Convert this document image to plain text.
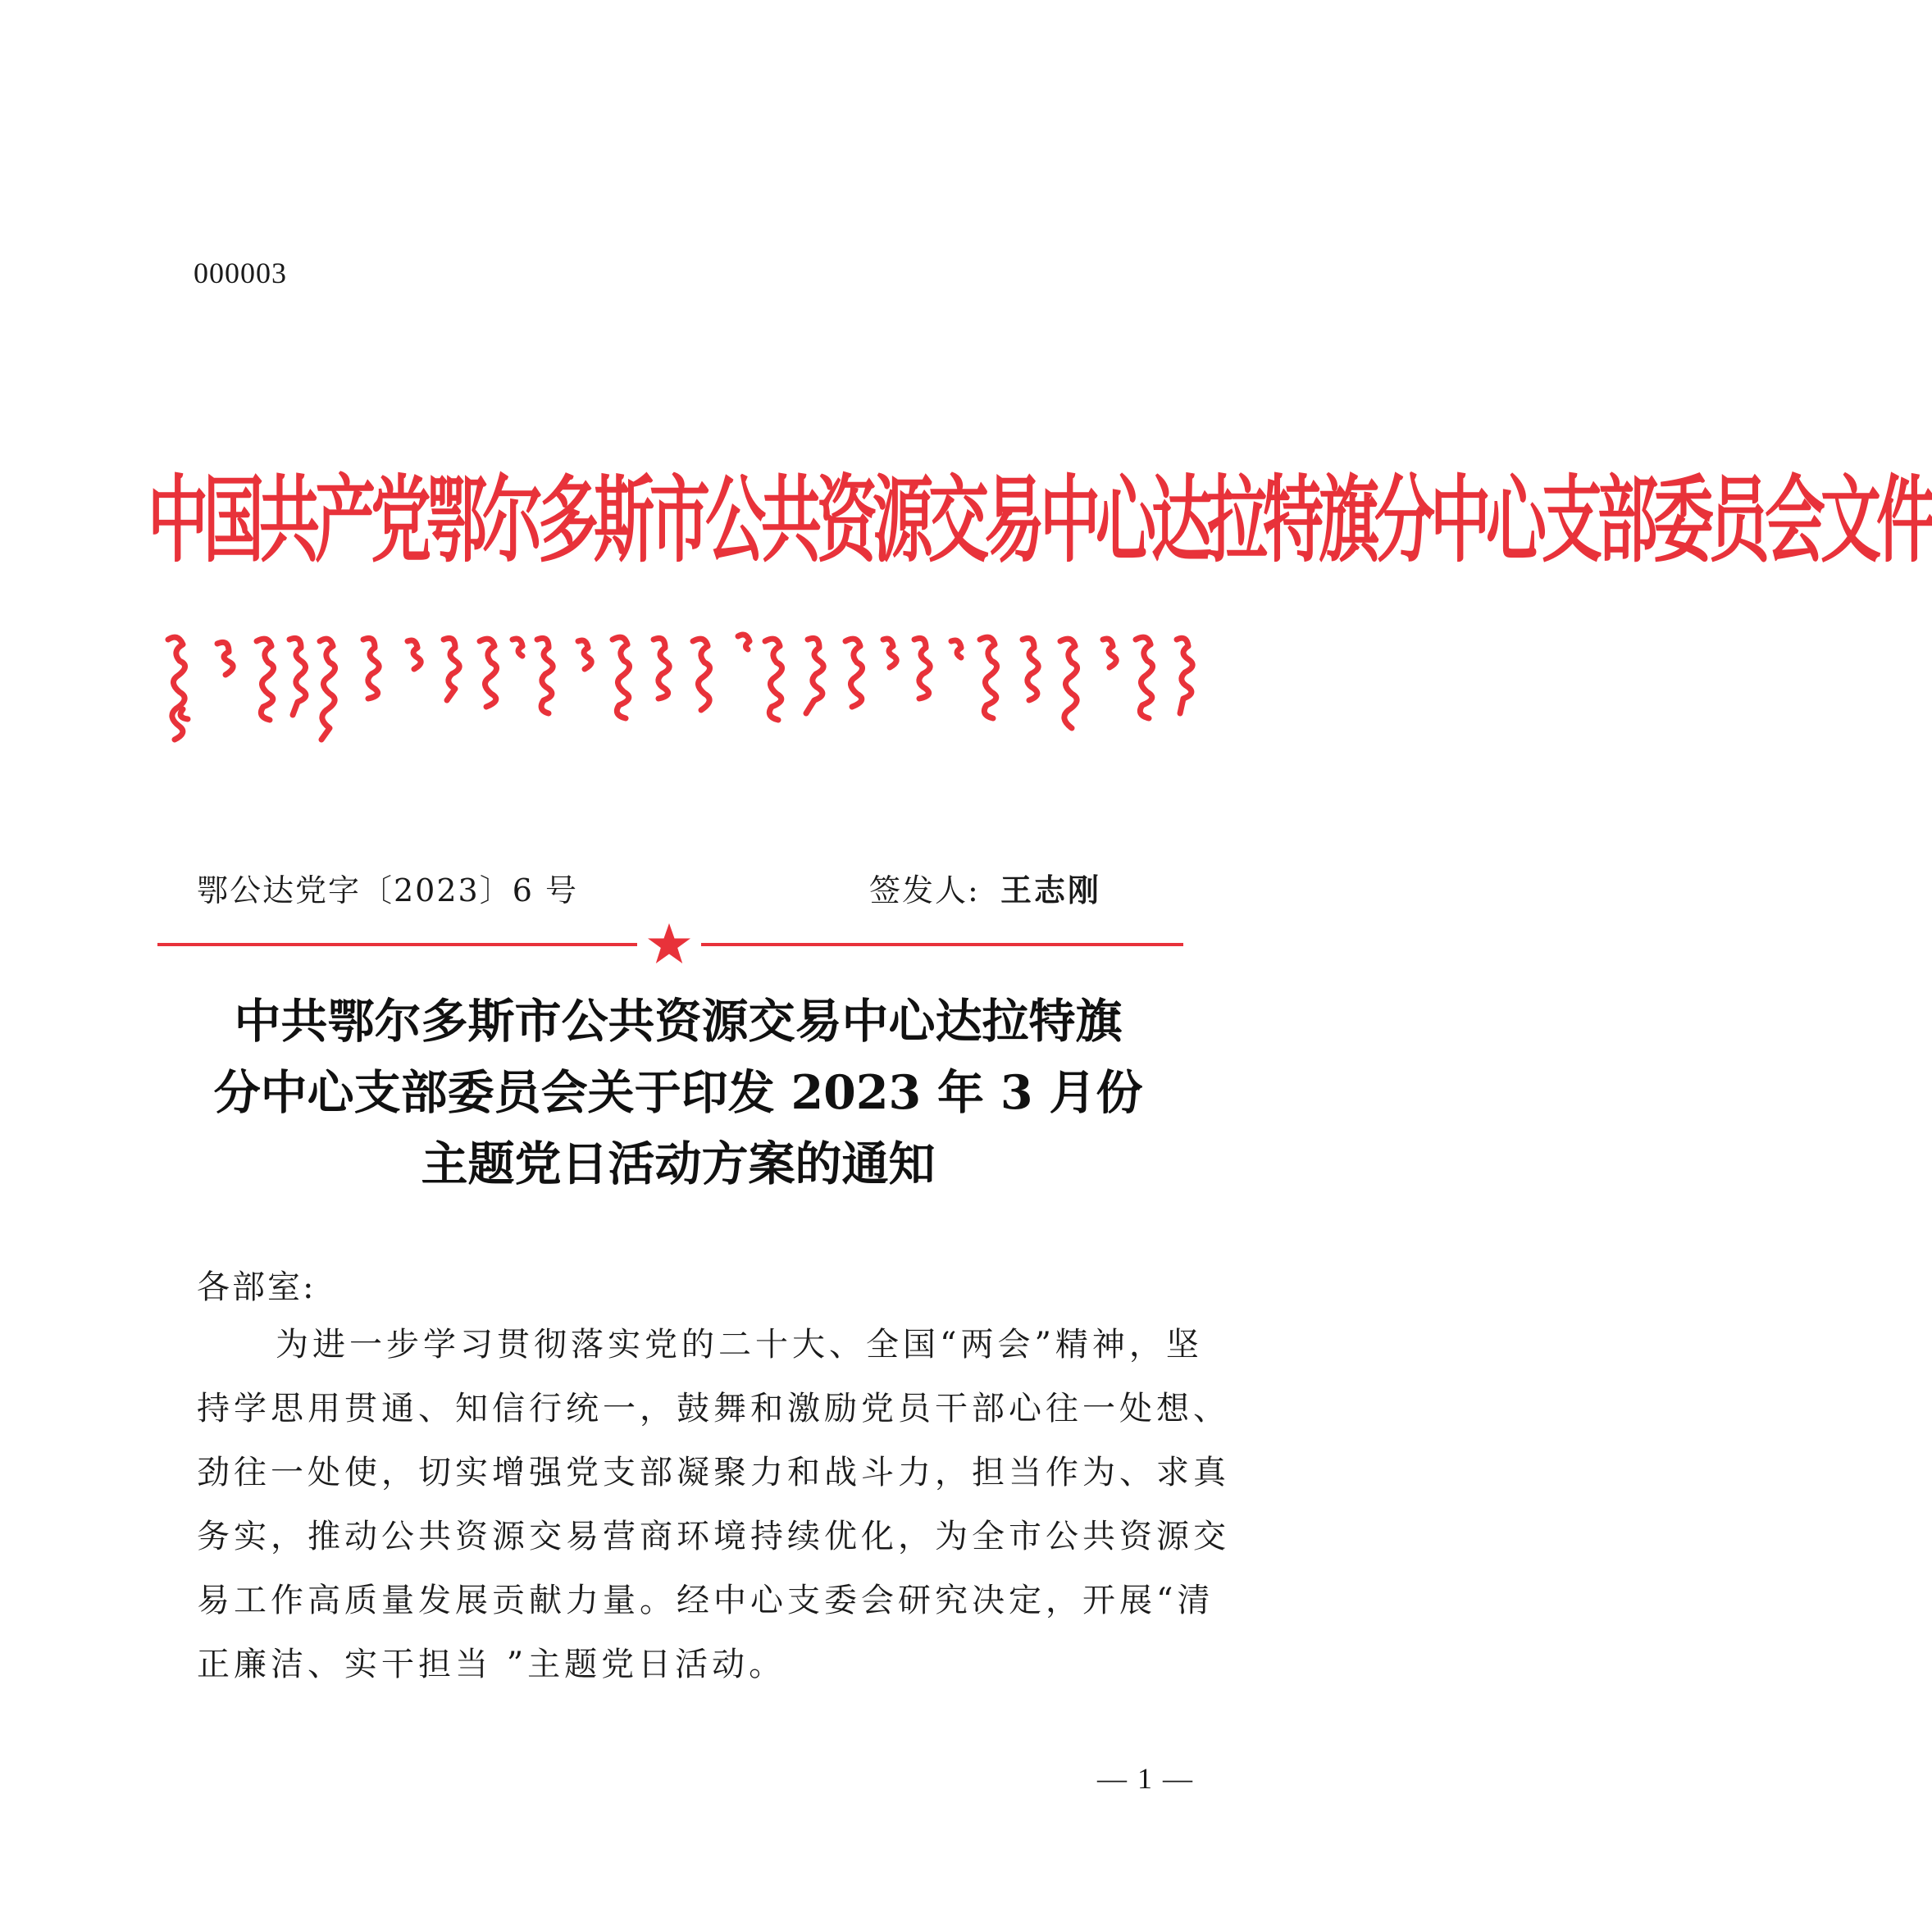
000003
中国共产党鄂尔多斯市公共资源交易中心达拉特旗分中心支部委员会文件
鄂公达党字〔2023〕6 号	签发人: 王志刚
中共鄂尔多斯市公共资源交易中心达拉特旗
分中心支部委员会关于印发 2023 年 3 月份
主题党日活动方案的通知
各部室:
为进一步学习贯彻落实党的二十大、全国“两会”精神，坚
持学思用贯通、知信行统一，鼓舞和激励党员干部心往一处想、
劲往一处使，切实增强党支部凝聚力和战斗力，担当作为、求真
务实，推动公共资源交易营商环境持续优化，为全市公共资源交
易工作高质量发展贡献力量。经中心支委会研究决定，开展“清
正廉洁、实干担当 ”主题党日活动。
— 1 —
